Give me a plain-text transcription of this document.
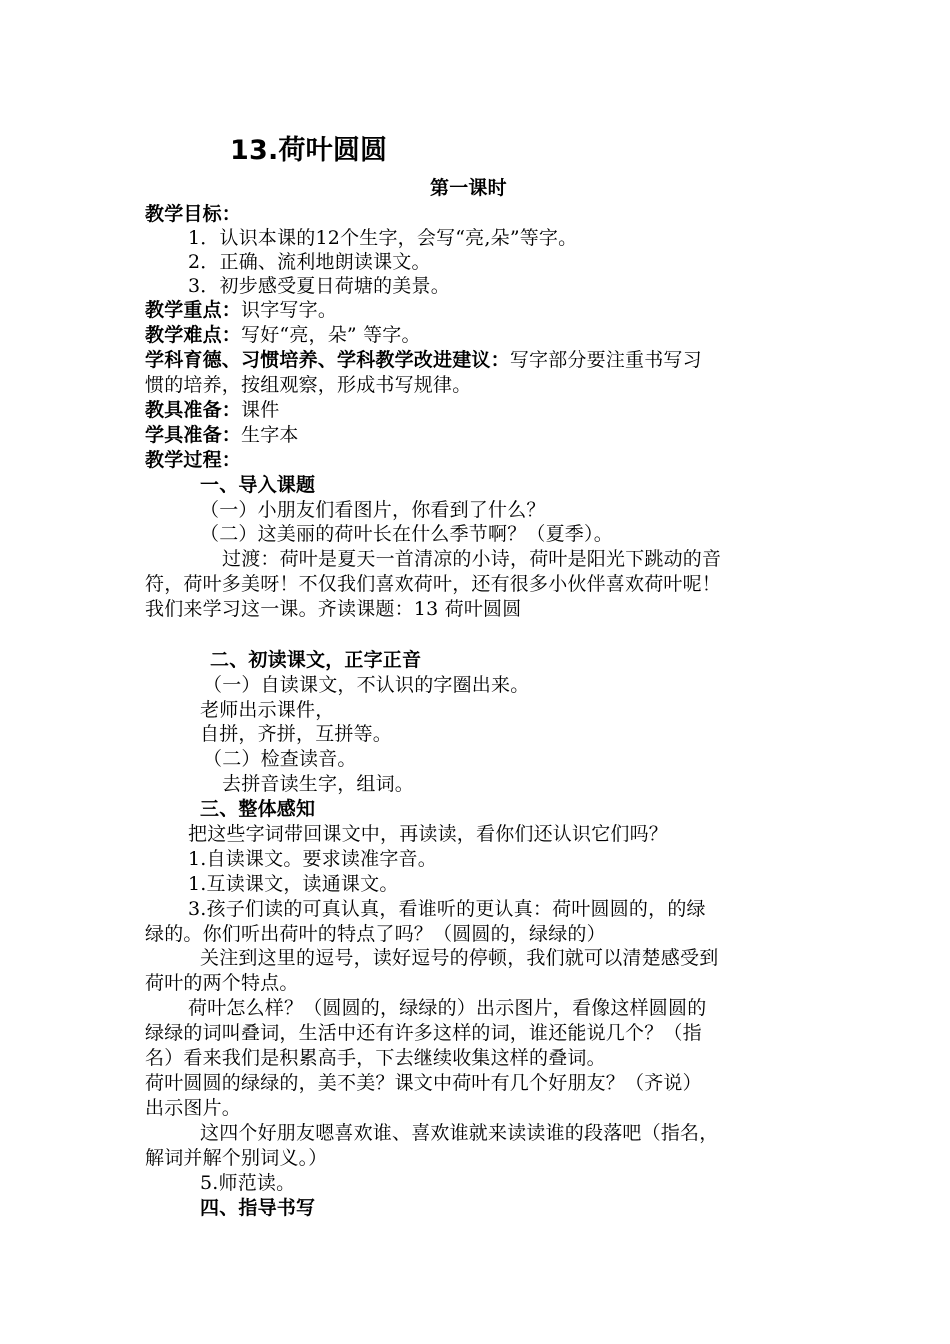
13.荷叶圆圆
第一课时
教学目标：
1．认识本课的12个生字，会写“亮,朵”等字。
2．正确、流利地朗读课文。
3．初步感受夏日荷塘的美景。
教学重点：识字写字。
教学难点：写好“亮，朵” 等字。
学科育德、习惯培养、学科教学改进建议：写字部分要注重书写习
惯的培养，按组观察，形成书写规律。
教具准备：课件
学具准备：生字本
教学过程：
一、导入课题
（一）小朋友们看图片，你看到了什么？
（二）这美丽的荷叶长在什么季节啊？（夏季）。
过渡：荷叶是夏天一首清凉的小诗，荷叶是阳光下跳动的音
符，荷叶多美呀！不仅我们喜欢荷叶，还有很多小伙伴喜欢荷叶呢！
我们来学习这一课。齐读课题：13 荷叶圆圆
二、初读课文，正字正音
（一）自读课文，不认识的字圈出来。
老师出示课件，
自拼，齐拼，互拼等。
（二）检查读音。
去拼音读生字，组词。
三、整体感知
把这些字词带回课文中，再读读，看你们还认识它们吗？
1.自读课文。要求读准字音。
1.互读课文，读通课文。
3.孩子们读的可真认真，看谁听的更认真：荷叶圆圆的，的绿
绿的。你们听出荷叶的特点了吗？（圆圆的，绿绿的）
关注到这里的逗号，读好逗号的停顿，我们就可以清楚感受到
荷叶的两个特点。
荷叶怎么样？（圆圆的，绿绿的）出示图片，看像这样圆圆的
绿绿的词叫叠词，生活中还有许多这样的词，谁还能说几个？（指
名）看来我们是积累高手，下去继续收集这样的叠词。
荷叶圆圆的绿绿的，美不美？课文中荷叶有几个好朋友？（齐说）
出示图片。
这四个好朋友嗯喜欢谁、喜欢谁就来读读谁的段落吧（指名，
解词并解个别词义。）
5.师范读。
四、指导书写
